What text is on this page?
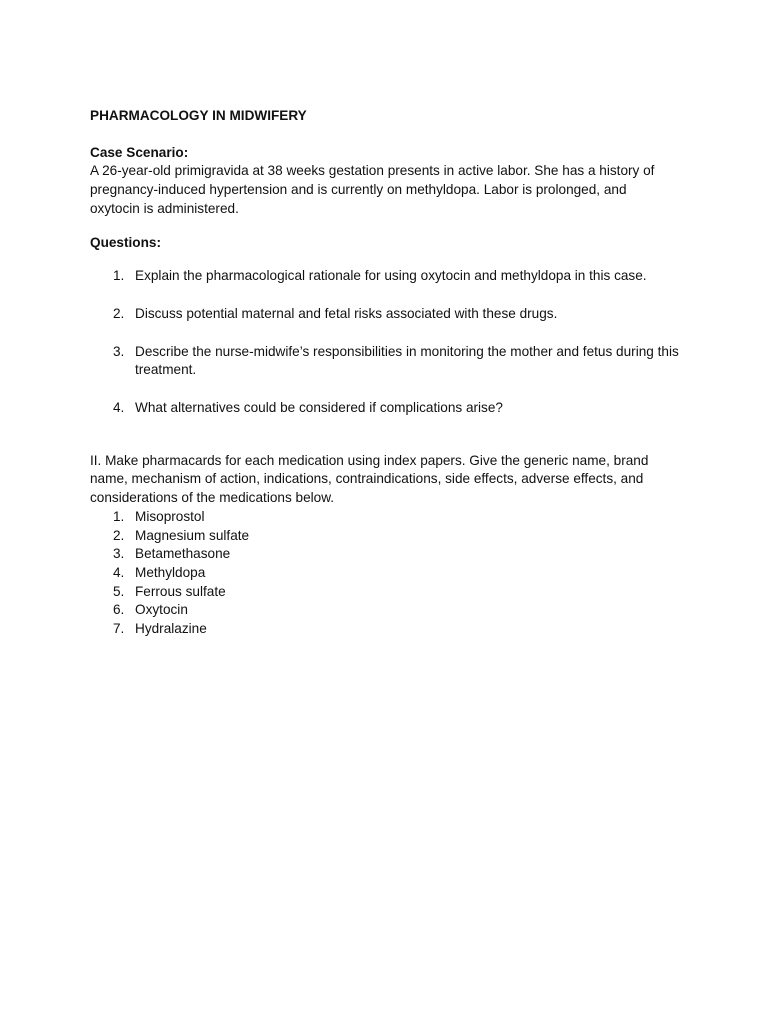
PHARMACOLOGY IN MIDWIFERY

Case Scenario:

A 26-year-old primigravida at 38 weeks gestation presents in active labor. She has a history of pregnancy-induced hypertension and is currently on methyldopa. Labor is prolonged, and oxytocin is administered.

Questions:

1. Explain the pharmacological rationale for using oxytocin and methyldopa in this case.
2. Discuss potential maternal and fetal risks associated with these drugs.
3. Describe the nurse-midwife’s responsibilities in monitoring the mother and fetus during this treatment.
4. What alternatives could be considered if complications arise?

II. Make pharmacards for each medication using index papers. Give the generic name, brand name, mechanism of action, indications, contraindications, side effects, adverse effects, and considerations of the medications below.

1. Misoprostol
2. Magnesium sulfate
3. Betamethasone
4. Methyldopa
5. Ferrous sulfate
6. Oxytocin
7. Hydralazine
